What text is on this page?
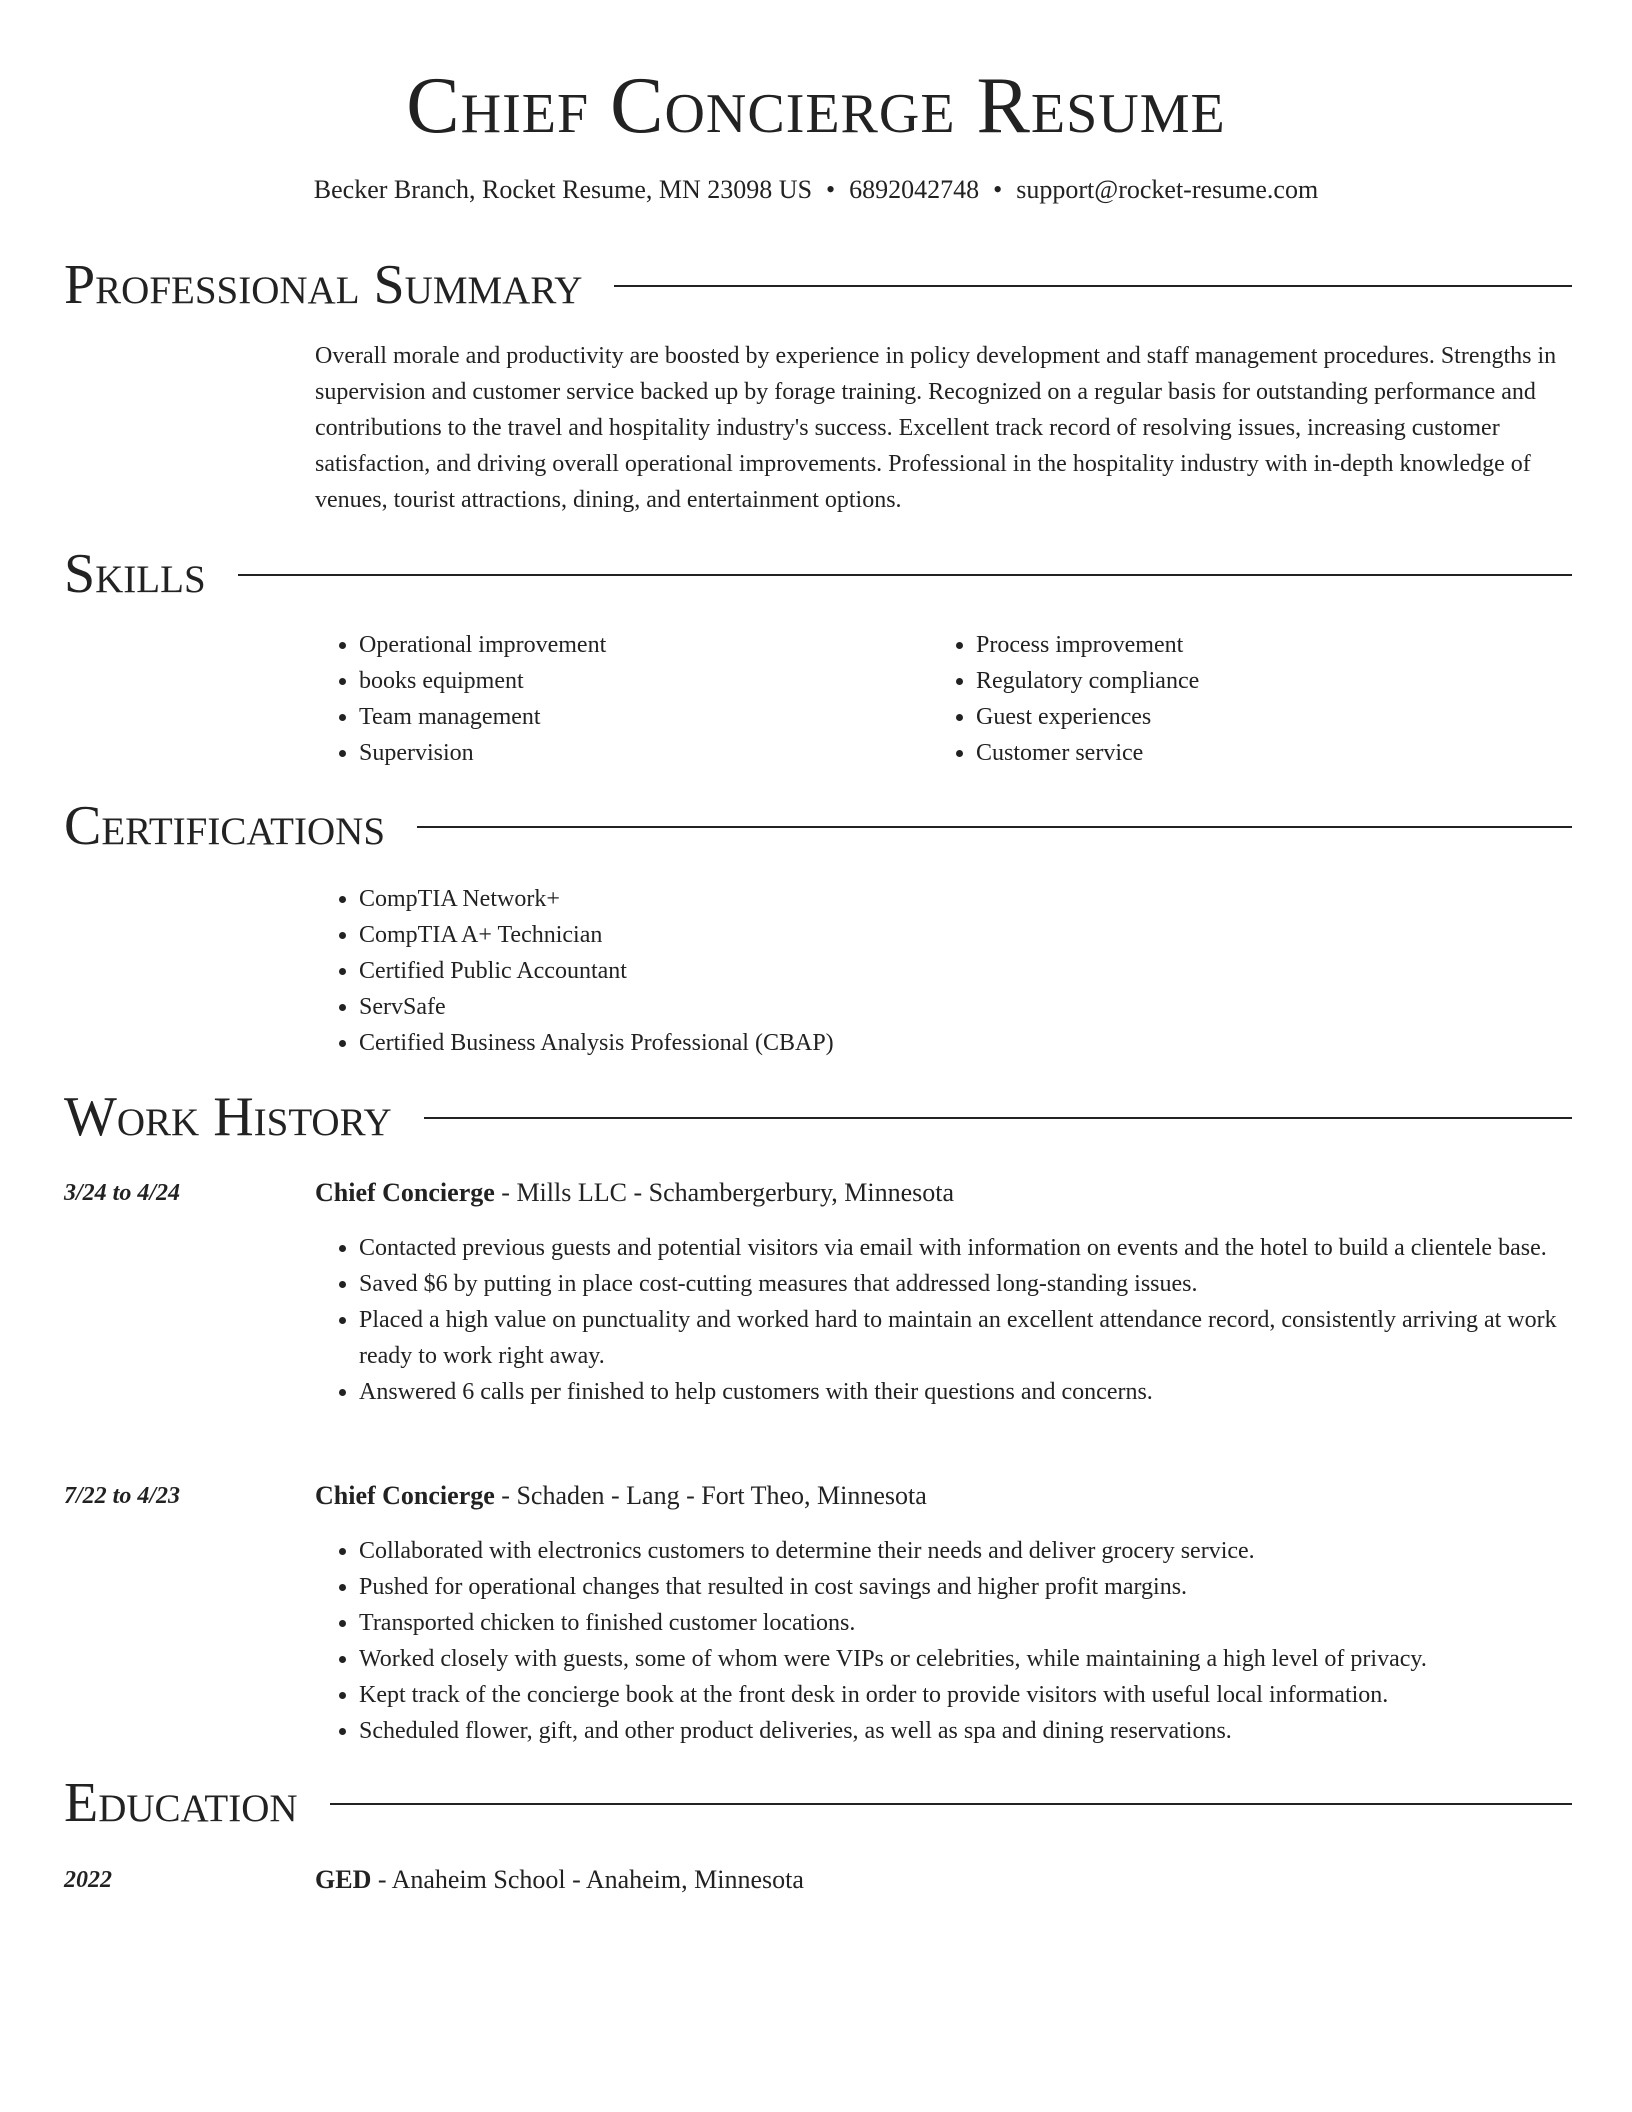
Chief Concierge Resume
Becker Branch, Rocket Resume, MN 23098 US • 6892042748 • support@rocket-resume.com
Professional Summary

Overall morale and productivity are boosted by experience in policy development and staff management procedures. Strengths in supervision and customer service backed up by forage training. Recognized on a regular basis for outstanding performance and contributions to the travel and hospitality industry's success. Excellent track record of resolving issues, increasing customer satisfaction, and driving overall operational improvements. Professional in the hospitality industry with in-depth knowledge of venues, tourist attractions, dining, and entertainment options.

Skills
• Operational improvement
• books equipment
• Team management
• Supervision
• Process improvement
• Regulatory compliance
• Guest experiences
• Customer service
Certifications
• CompTIA Network+
• CompTIA A+ Technician
• Certified Public Accountant
• ServSafe
• Certified Business Analysis Professional (CBAP)
Work History
3/24 to 4/24	Chief Concierge - Mills LLC - Schambergerbury, Minnesota
• Contacted previous guests and potential visitors via email with information on events and the hotel to build a clientele base.
• Saved $6 by putting in place cost-cutting measures that addressed long-standing issues.
• Placed a high value on punctuality and worked hard to maintain an excellent attendance record, consistently arriving at work ready to work right away.
• Answered 6 calls per finished to help customers with their questions and concerns.
7/22 to 4/23	Chief Concierge - Schaden - Lang - Fort Theo, Minnesota
• Collaborated with electronics customers to determine their needs and deliver grocery service.
• Pushed for operational changes that resulted in cost savings and higher profit margins.
• Transported chicken to finished customer locations.
• Worked closely with guests, some of whom were VIPs or celebrities, while maintaining a high level of privacy.
• Kept track of the concierge book at the front desk in order to provide visitors with useful local information.
• Scheduled flower, gift, and other product deliveries, as well as spa and dining reservations.
Education
2022	GED - Anaheim School - Anaheim, Minnesota
